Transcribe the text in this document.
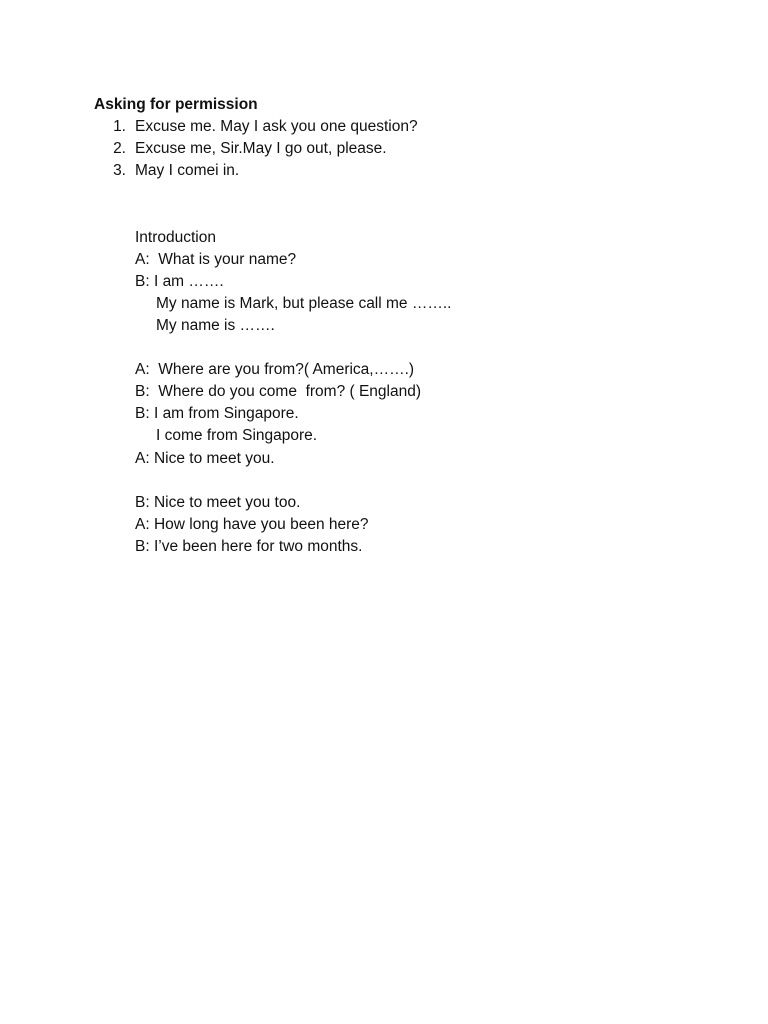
Asking for permission
1. Excuse me. May I ask you one question?
2. Excuse me, Sir.May I go out, please.
3. May I comei in.
Introduction
A:  What is your name?
B: I am …….
My name is Mark, but please call me ……..
My name is …….
A:  Where are you from?( America,…….)
B:  Where do you come  from? ( England)
B: I am from Singapore.
I come from Singapore.
A: Nice to meet you.
B: Nice to meet you too.
A: How long have you been here?
B: I’ve been here for two months.
